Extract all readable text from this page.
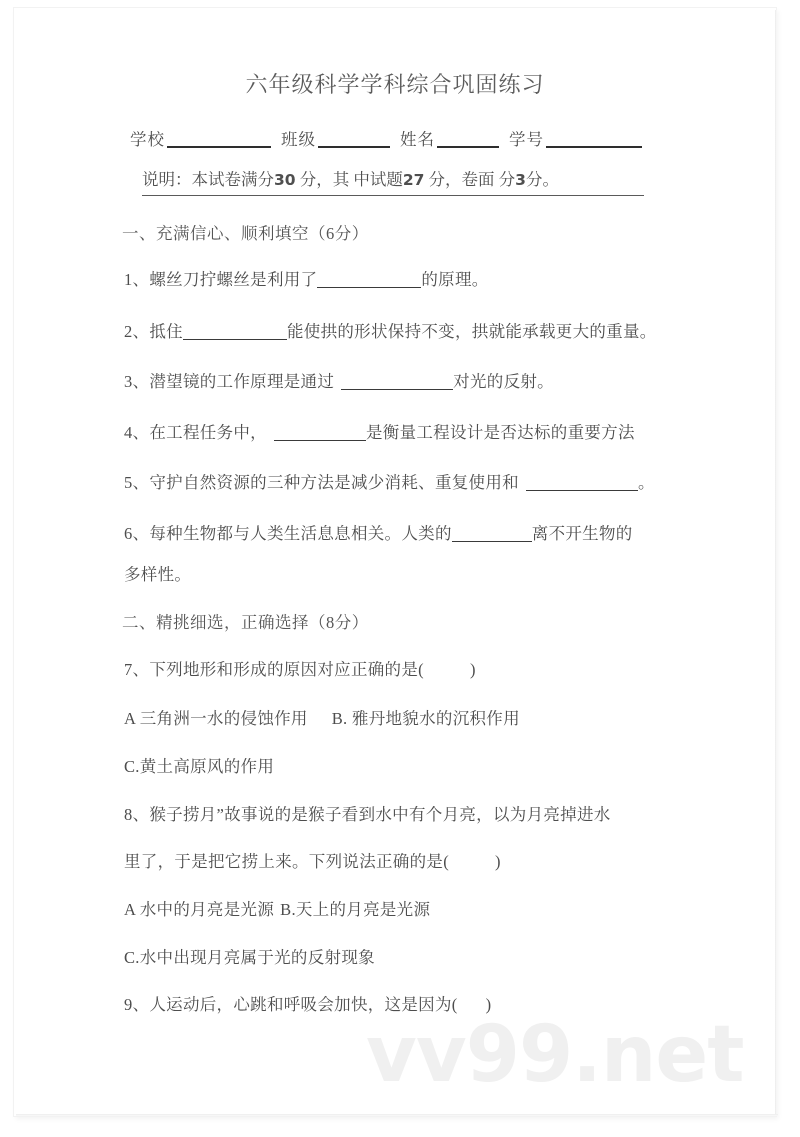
vv99.net
六年级科学学科综合巩固练习
学校	班级	姓名	学号
说明：本试卷满分30 分，其 中试题27 分，卷面 分3分。
一、充满信心、顺利填空（6分）
1、螺丝刀拧螺丝是利用了	的原理。
2、抵住	能使拱的形状保持不变，拱就能承载更大的重量。
3、潜望镜的工作原理是通过	对光的反射。
4、在工程任务中，	是衡量工程设计是否达标的重要方法
5、守护自然资源的三种方法是减少消耗、重复使用和	。
6、每种生物都与人类生活息息相关。人类的	离不开生物的
多样性。
二、精挑细选，正确选择（8分）
7、下列地形和形成的原因对应正确的是(	)
A 三角洲一水的侵蚀作用 B. 雅丹地貌水的沉积作用
C.黄土高原风的作用
8、猴子捞月”故事说的是猴子看到水中有个月亮，以为月亮掉进水
里了，于是把它捞上来。下列说法正确的是(	)
A 水中的月亮是光源 B.天上的月亮是光源
C.水中出现月亮属于光的反射现象
9、人运动后，心跳和呼吸会加快，这是因为( )
